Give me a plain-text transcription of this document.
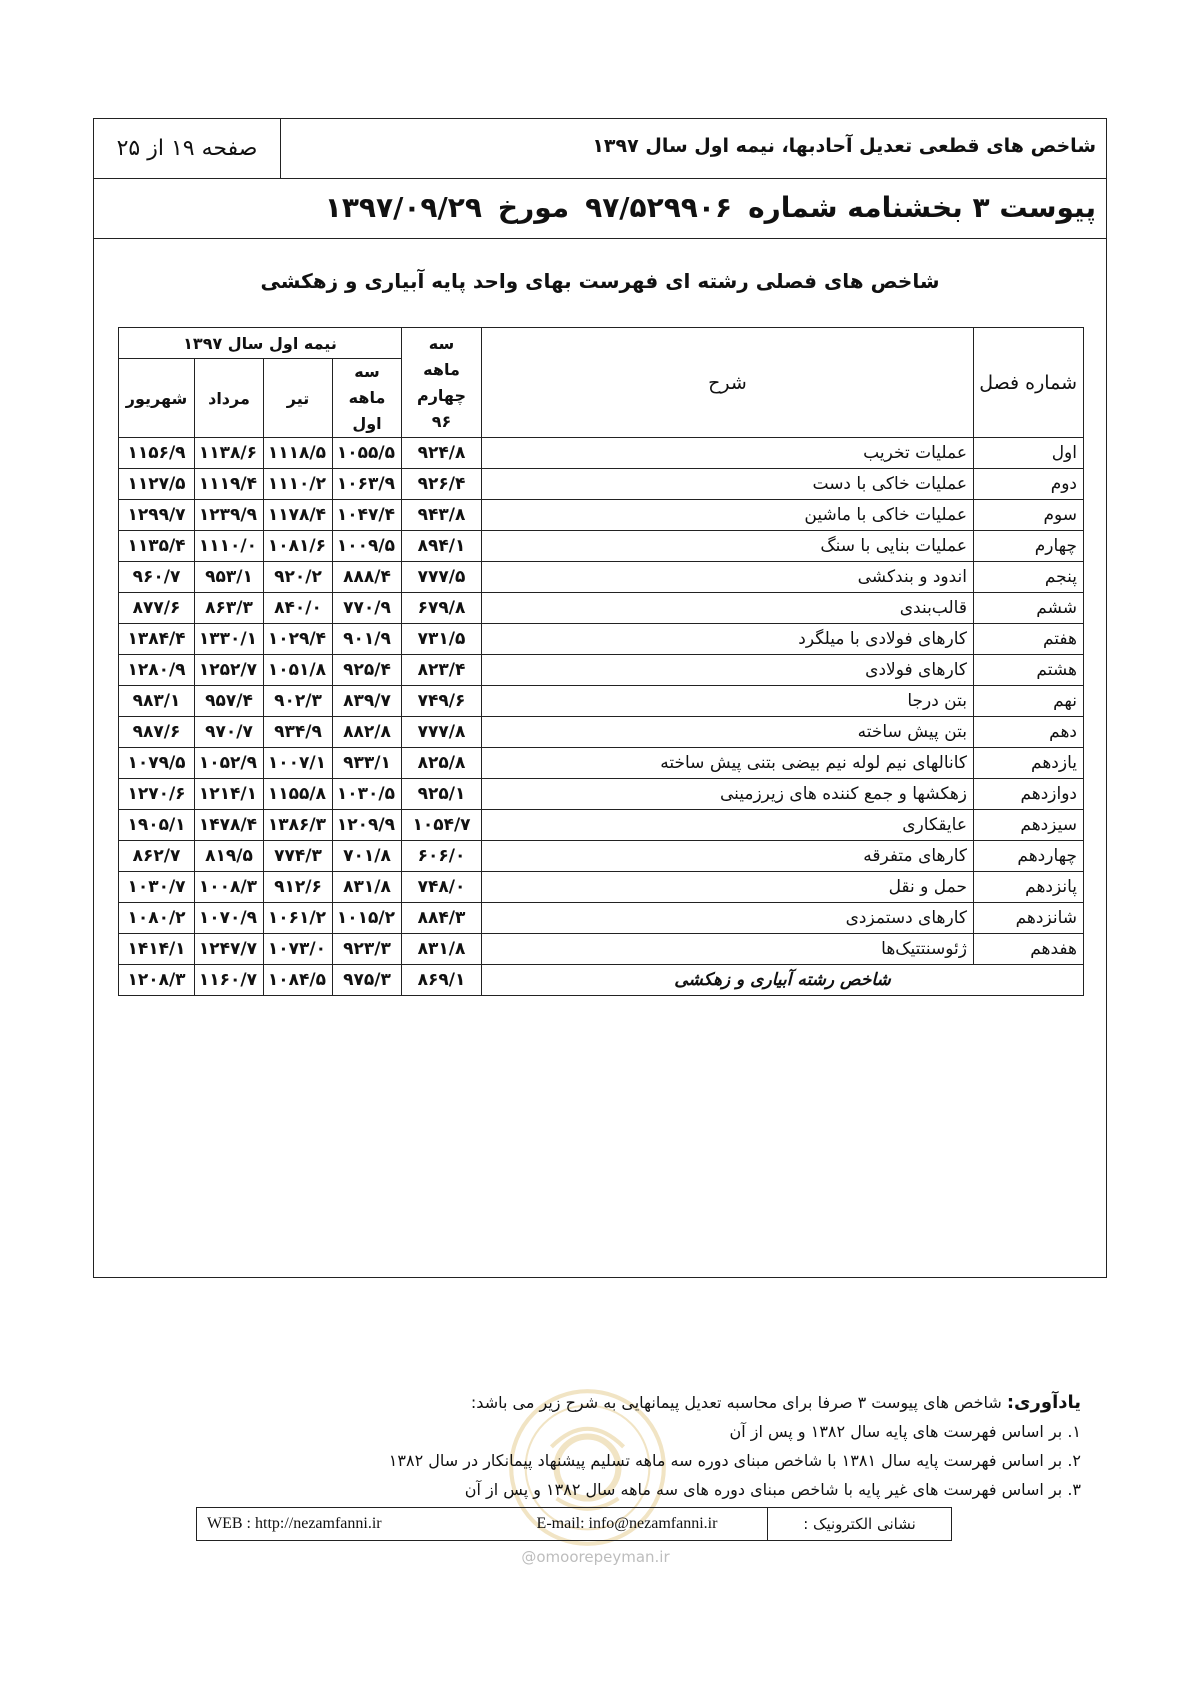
شاخص های قطعی تعدیل آحادبها، نیمه اول سال ۱۳۹۷
صفحه ۱۹ از ۲۵
پیوست ۳ بخشنامه شماره۹۷/۵۲۹۹۰۶مورخ۱۳۹۷/۰۹/۲۹
شاخص های فصلی رشته ای فهرست بهای واحد پایه آبیاری و زهکشی
شماره فصل	شرح	سه ماهه چهارم ۹۶	نیمه اول سال ۱۳۹۷			
			سه ماهه اول	تیر	مرداد	شهریور
اول	عملیات تخریب	۹۲۴/۸	۱۰۵۵/۵	۱۱۱۸/۵	۱۱۳۸/۶	۱۱۵۶/۹
دوم	عملیات خاکی با دست	۹۲۶/۴	۱۰۶۳/۹	۱۱۱۰/۲	۱۱۱۹/۴	۱۱۲۷/۵
سوم	عملیات خاکی با ماشین	۹۴۳/۸	۱۰۴۷/۴	۱۱۷۸/۴	۱۲۳۹/۹	۱۲۹۹/۷
چهارم	عملیات بنایی با سنگ	۸۹۴/۱	۱۰۰۹/۵	۱۰۸۱/۶	۱۱۱۰/۰	۱۱۳۵/۴
پنجم	اندود و بندکشی	۷۷۷/۵	۸۸۸/۴	۹۲۰/۲	۹۵۳/۱	۹۶۰/۷
ششم	قالب‌بندی	۶۷۹/۸	۷۷۰/۹	۸۴۰/۰	۸۶۳/۳	۸۷۷/۶
هفتم	کارهای فولادی با میلگرد	۷۳۱/۵	۹۰۱/۹	۱۰۲۹/۴	۱۳۳۰/۱	۱۳۸۴/۴
هشتم	کارهای فولادی	۸۲۳/۴	۹۲۵/۴	۱۰۵۱/۸	۱۲۵۲/۷	۱۲۸۰/۹
نهم	بتن درجا	۷۴۹/۶	۸۳۹/۷	۹۰۲/۳	۹۵۷/۴	۹۸۳/۱
دهم	بتن پیش ساخته	۷۷۷/۸	۸۸۲/۸	۹۳۴/۹	۹۷۰/۷	۹۸۷/۶
یازدهم	کانالهای نیم لوله نیم بیضی بتنی پیش ساخته	۸۲۵/۸	۹۳۳/۱	۱۰۰۷/۱	۱۰۵۲/۹	۱۰۷۹/۵
دوازدهم	زهکشها و جمع کننده های زیرزمینی	۹۲۵/۱	۱۰۳۰/۵	۱۱۵۵/۸	۱۲۱۴/۱	۱۲۷۰/۶
سیزدهم	عایقکاری	۱۰۵۴/۷	۱۲۰۹/۹	۱۳۸۶/۳	۱۴۷۸/۴	۱۹۰۵/۱
چهاردهم	کارهای متفرقه	۶۰۶/۰	۷۰۱/۸	۷۷۴/۳	۸۱۹/۵	۸۶۲/۷
پانزدهم	حمل و نقل	۷۴۸/۰	۸۳۱/۸	۹۱۲/۶	۱۰۰۸/۳	۱۰۳۰/۷
شانزدهم	کارهای دستمزدی	۸۸۴/۳	۱۰۱۵/۲	۱۰۶۱/۲	۱۰۷۰/۹	۱۰۸۰/۲
هفدهم	ژئوسنتتیک‌ها	۸۳۱/۸	۹۲۳/۳	۱۰۷۳/۰	۱۲۴۷/۷	۱۴۱۴/۱
شاخص رشته آبیاری و زهکشی		۸۶۹/۱	۹۷۵/۳	۱۰۸۴/۵	۱۱۶۰/۷	۱۲۰۸/۳
یادآوری: شاخص های پیوست ۳ صرفا برای محاسبه تعدیل پیمانهایی به شرح زیر می باشد:
۱. بر اساس فهرست های پایه سال ۱۳۸۲ و پس از آن
۲. بر اساس فهرست پایه سال ۱۳۸۱ با شاخص مبنای دوره سه ماهه تسلیم پیشنهاد پیمانکار در سال ۱۳۸۲
۳. بر اساس فهرست های غیر پایه با شاخص مبنای دوره های سه ماهه سال ۱۳۸۲ و پس از آن
WEB : http://nezamfanni.ir	E-mail: info@nezamfanni.ir	نشانی الکترونیک :
@omoorepeyman.ir
